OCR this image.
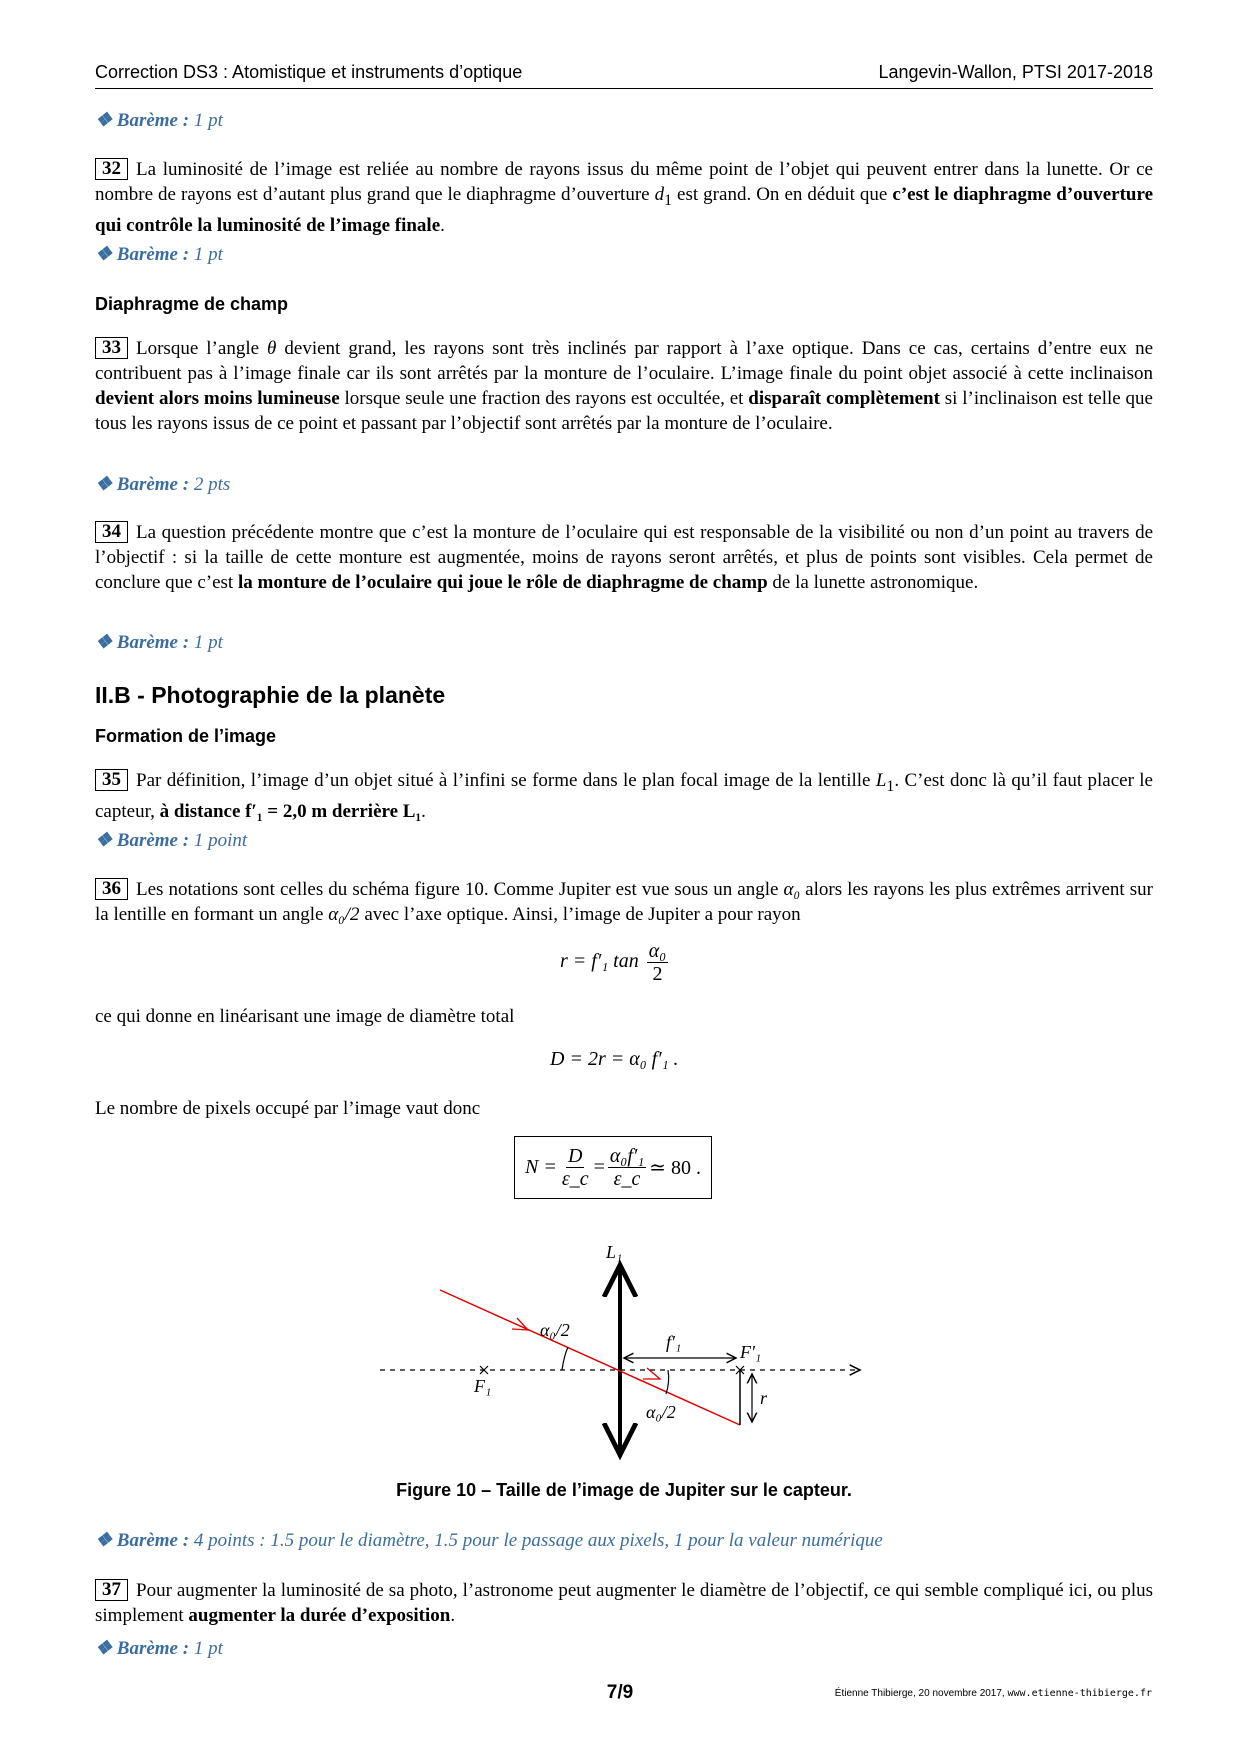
Correction DS3 : Atomistique et instruments d’optique	Langevin-Wallon, PTSI 2017-2018
❖ Barème : 1 pt
32 La luminosité de l’image est reliée au nombre de rayons issus du même point de l’objet qui peuvent entrer dans la lunette. Or ce nombre de rayons est d’autant plus grand que le diaphragme d’ouverture $d_1$ est grand. On en déduit que c’est le diaphragme d’ouverture qui contrôle la luminosité de l’image finale.
❖ Barème : 1 pt
Diaphragme de champ
33 Lorsque l’angle θ devient grand, les rayons sont très inclinés par rapport à l’axe optique. Dans ce cas, certains d’entre eux ne contribuent pas à l’image finale car ils sont arrêtés par la monture de l’oculaire. L’image finale du point objet associé à cette inclinaison devient alors moins lumineuse lorsque seule une fraction des rayons est occultée, et disparaît complètement si l’inclinaison est telle que tous les rayons issus de ce point et passant par l’objectif sont arrêtés par la monture de l’oculaire.
❖ Barème : 2 pts
34 La question précédente montre que c’est la monture de l’oculaire qui est responsable de la visibilité ou non d’un point au travers de l’objectif : si la taille de cette monture est augmentée, moins de rayons seront arrêtés, et plus de points sont visibles. Cela permet de conclure que c’est la monture de l’oculaire qui joue le rôle de diaphragme de champ de la lunette astronomique.
❖ Barème : 1 pt
II.B - Photographie de la planète
Formation de l’image
35 Par définition, l’image d’un objet situé à l’infini se forme dans le plan focal image de la lentille $L_1$. C’est donc là qu’il faut placer le capteur, à distance f′₁ = 2,0 m derrière L₁.
❖ Barème : 1 point
36 Les notations sont celles du schéma figure 10. Comme Jupiter est vue sous un angle α₀ alors les rayons les plus extrêmes arrivent sur la lentille en formant un angle α₀/2 avec l’axe optique. Ainsi, l’image de Jupiter a pour rayon
r = f′₁ $\tan \frac{\text{α₀}}{2}$
ce qui donne en linéarisant une image de diamètre total
D = 2r = α₀ f′₁ .
Le nombre de pixels occupé par l’image vaut donc
$N = \frac{D}{\varepsilon\_c} = \frac{\text{α₀f′₁}}{\varepsilon\_c}$ ≃ 80 .
L₁
α₀/2
f′₁	F′₁
F₁
r
α₀/2
Figure 10 – Taille de l’image de Jupiter sur le capteur.
❖ Barème : 4 points : 1.5 pour le diamètre, 1.5 pour le passage aux pixels, 1 pour la valeur numérique
37 Pour augmenter la luminosité de sa photo, l’astronome peut augmenter le diamètre de l’objectif, ce qui semble compliqué ici, ou plus simplement augmenter la durée d’exposition.
❖ Barème : 1 pt
7/9	Étienne Thibierge, 20 novembre 2017, www.etienne-thibierge.fr
